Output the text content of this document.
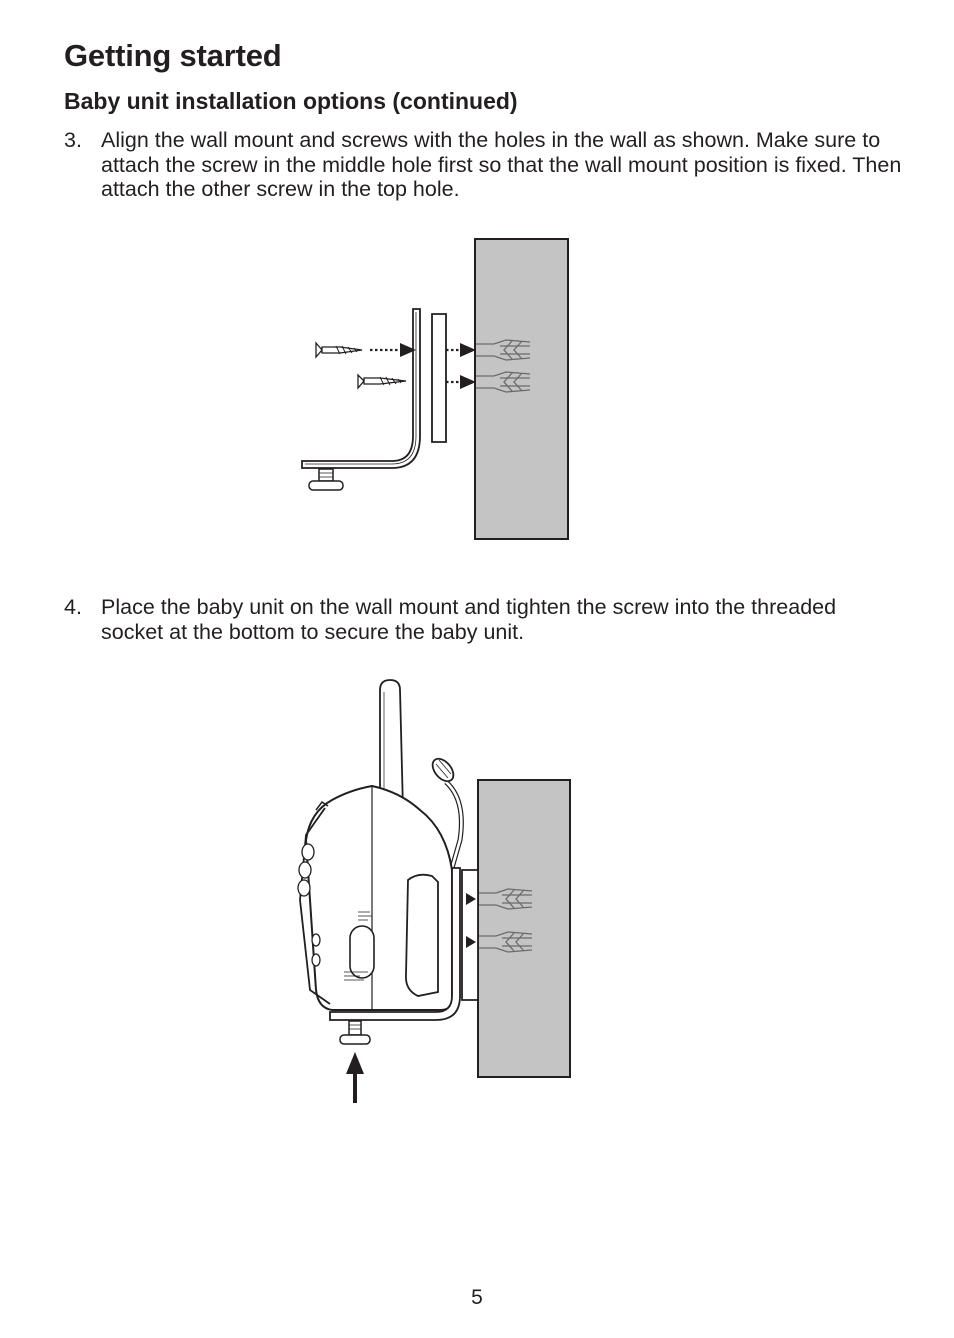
Getting started
Baby unit installation options (continued)
3. Align the wall mount and screws with the holes in the wall as shown. Make sure to attach the screw in the middle hole first so that the wall mount position is fixed. Then attach the other screw in the top hole.
4. Place the baby unit on the wall mount and tighten the screw into the threaded socket at the bottom to secure the baby unit.
5
